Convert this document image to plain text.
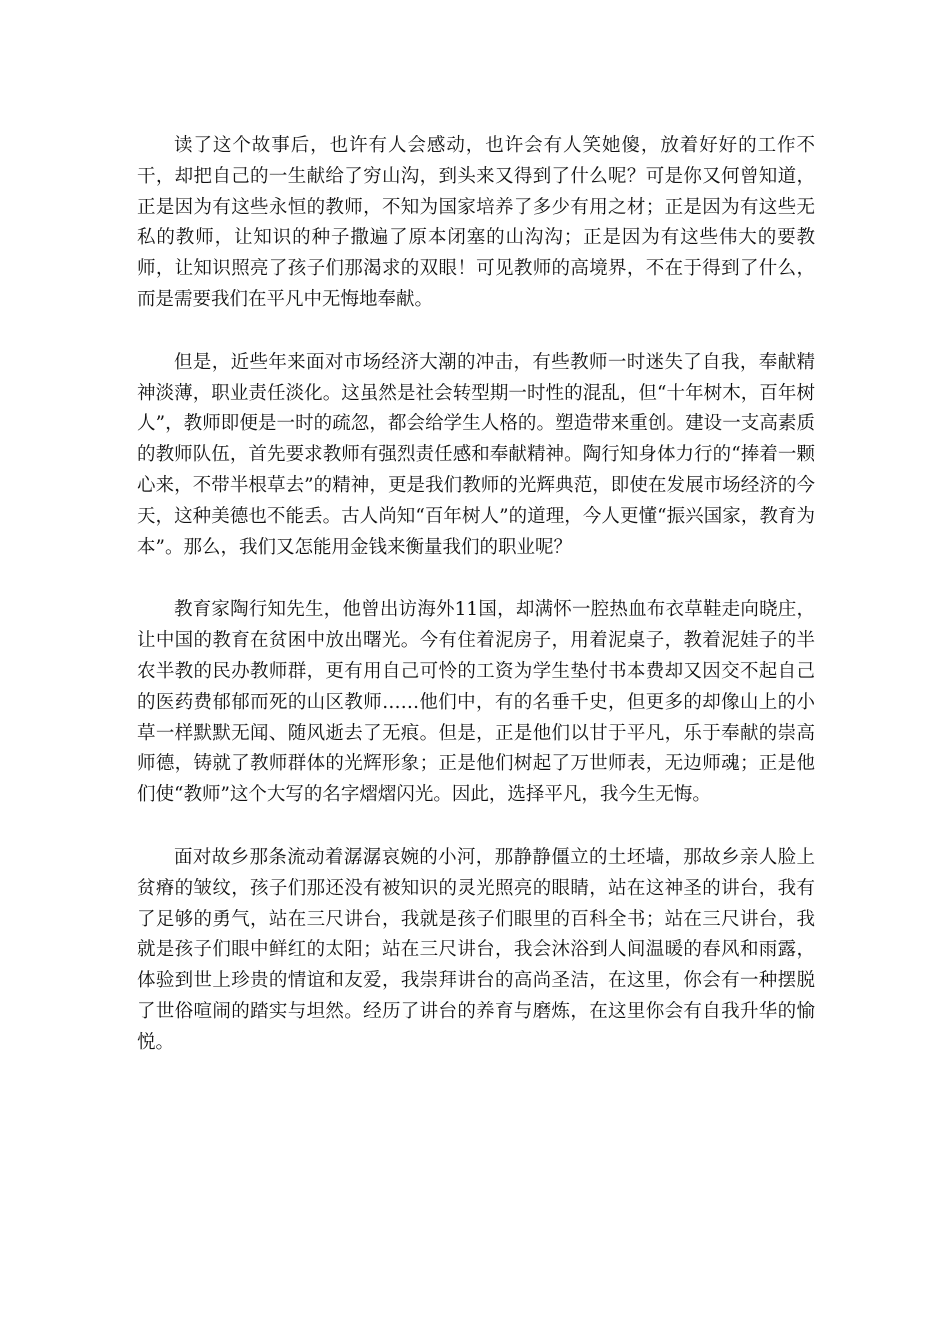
读了这个故事后，也许有人会感动，也许会有人笑她傻，放着好好的工作不干，却把自己的一生献给了穷山沟，到头来又得到了什么呢？可是你又何曾知道，正是因为有这些永恒的教师，不知为国家培养了多少有用之材；正是因为有这些无私的教师，让知识的种子撒遍了原本闭塞的山沟沟；正是因为有这些伟大的要教师，让知识照亮了孩子们那渴求的双眼！可见教师的高境界，不在于得到了什么，而是需要我们在平凡中无悔地奉献。

但是，近些年来面对市场经济大潮的冲击，有些教师一时迷失了自我，奉献精神淡薄，职业责任淡化。这虽然是社会转型期一时性的混乱，但“十年树木，百年树人”，教师即便是一时的疏忽，都会给学生人格的。塑造带来重创。建设一支高素质的教师队伍，首先要求教师有强烈责任感和奉献精神。陶行知身体力行的“捧着一颗心来，不带半根草去”的精神，更是我们教师的光辉典范，即使在发展市场经济的今天，这种美德也不能丢。古人尚知“百年树人”的道理，今人更懂“振兴国家，教育为本”。那么，我们又怎能用金钱来衡量我们的职业呢？

教育家陶行知先生，他曾出访海外11国，却满怀一腔热血布衣草鞋走向晓庄，让中国的教育在贫困中放出曙光。今有住着泥房子，用着泥桌子，教着泥娃子的半农半教的民办教师群，更有用自己可怜的工资为学生垫付书本费却又因交不起自己的医药费郁郁而死的山区教师……他们中，有的名垂千史，但更多的却像山上的小草一样默默无闻、随风逝去了无痕。但是，正是他们以甘于平凡，乐于奉献的崇高师德，铸就了教师群体的光辉形象；正是他们树起了万世师表，无边师魂；正是他们使“教师”这个大写的名字熠熠闪光。因此，选择平凡，我今生无悔。

面对故乡那条流动着潺潺哀婉的小河，那静静僵立的土坯墙，那故乡亲人脸上贫瘠的皱纹，孩子们那还没有被知识的灵光照亮的眼睛，站在这神圣的讲台，我有了足够的勇气，站在三尺讲台，我就是孩子们眼里的百科全书；站在三尺讲台，我就是孩子们眼中鲜红的太阳；站在三尺讲台，我会沐浴到人间温暖的春风和雨露，体验到世上珍贵的情谊和友爱，我崇拜讲台的高尚圣洁，在这里，你会有一种摆脱了世俗喧闹的踏实与坦然。经历了讲台的养育与磨炼，在这里你会有自我升华的愉悦。
